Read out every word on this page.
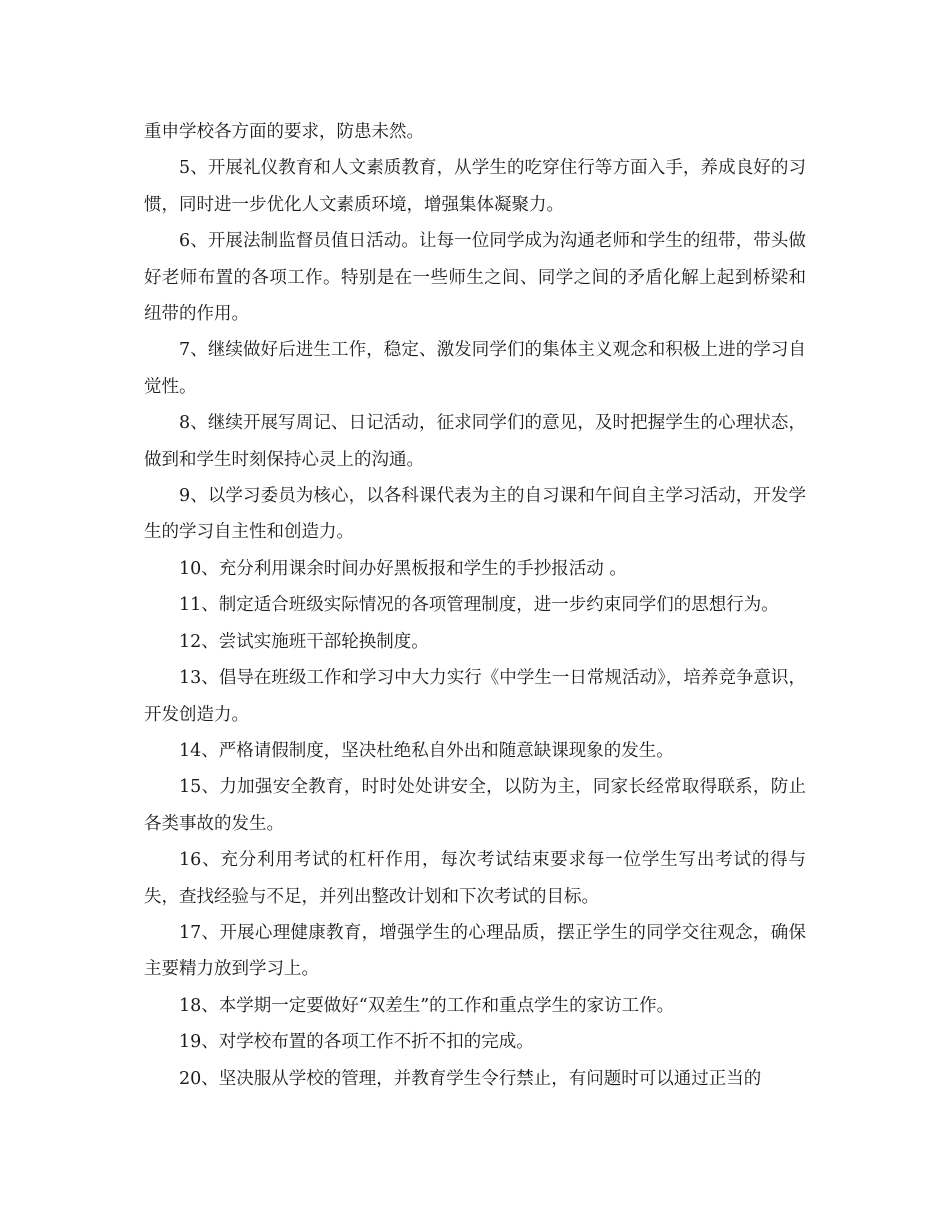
重申学校各方面的要求，防患未然。

5、开展礼仪教育和人文素质教育，从学生的吃穿住行等方面入手，养成良好的习惯，同时进一步优化人文素质环境，增强集体凝聚力。

6、开展法制监督员值日活动。让每一位同学成为沟通老师和学生的纽带，带头做好老师布置的各项工作。特别是在一些师生之间、同学之间的矛盾化解上起到桥梁和纽带的作用。

7、继续做好后进生工作，稳定、激发同学们的集体主义观念和积极上进的学习自觉性。

8、继续开展写周记、日记活动，征求同学们的意见，及时把握学生的心理状态，做到和学生时刻保持心灵上的沟通。

9、以学习委员为核心，以各科课代表为主的自习课和午间自主学习活动，开发学生的学习自主性和创造力。

10、充分利用课余时间办好黑板报和学生的手抄报活动 。

11、制定适合班级实际情况的各项管理制度，进一步约束同学们的思想行为。

12、尝试实施班干部轮换制度。

13、倡导在班级工作和学习中大力实行《中学生一日常规活动》，培养竞争意识，开发创造力。

14、严格请假制度，坚决杜绝私自外出和随意缺课现象的发生。

15、力加强安全教育，时时处处讲安全，以防为主，同家长经常取得联系，防止各类事故的发生。

16、充分利用考试的杠杆作用，每次考试结束要求每一位学生写出考试的得与失，查找经验与不足，并列出整改计划和下次考试的目标。

17、开展心理健康教育，增强学生的心理品质，摆正学生的同学交往观念，确保主要精力放到学习上。

18、本学期一定要做好“双差生”的工作和重点学生的家访工作。

19、对学校布置的各项工作不折不扣的完成。

20、坚决服从学校的管理，并教育学生令行禁止，有问题时可以通过正当的
